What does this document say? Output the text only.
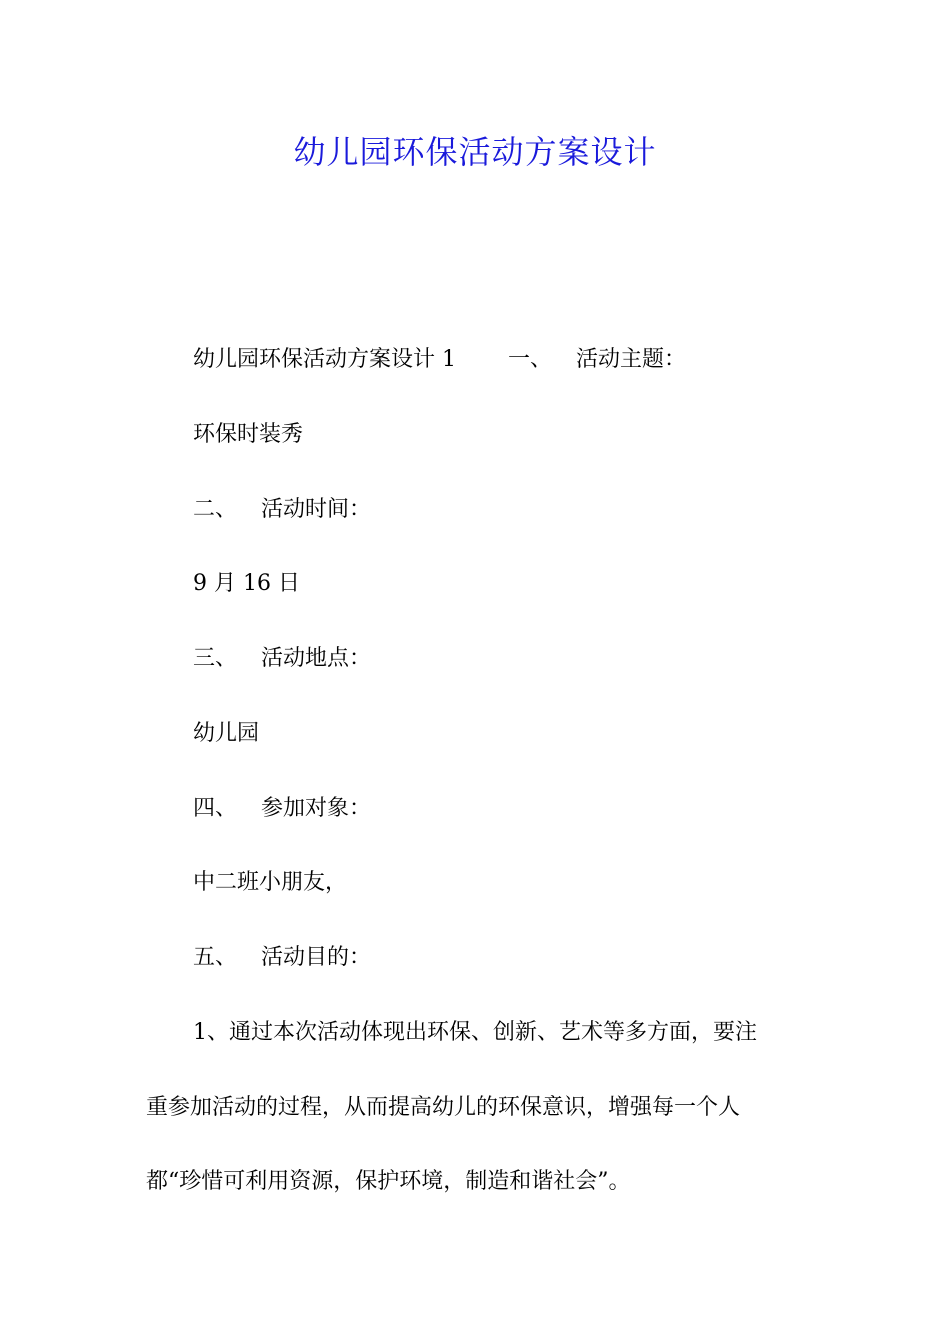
幼儿园环保活动方案设计
幼儿园环保活动方案设计 1 一、 活动主题：
环保时装秀
二、 活动时间：
9 月 16 日
三、 活动地点：
幼儿园
四、 参加对象：
中二班小朋友，
五、 活动目的：
1、通过本次活动体现出环保、创新、艺术等多方面，要注
重参加活动的过程，从而提高幼儿的环保意识，增强每一个人
都“珍惜可利用资源，保护环境，制造和谐社会”。
